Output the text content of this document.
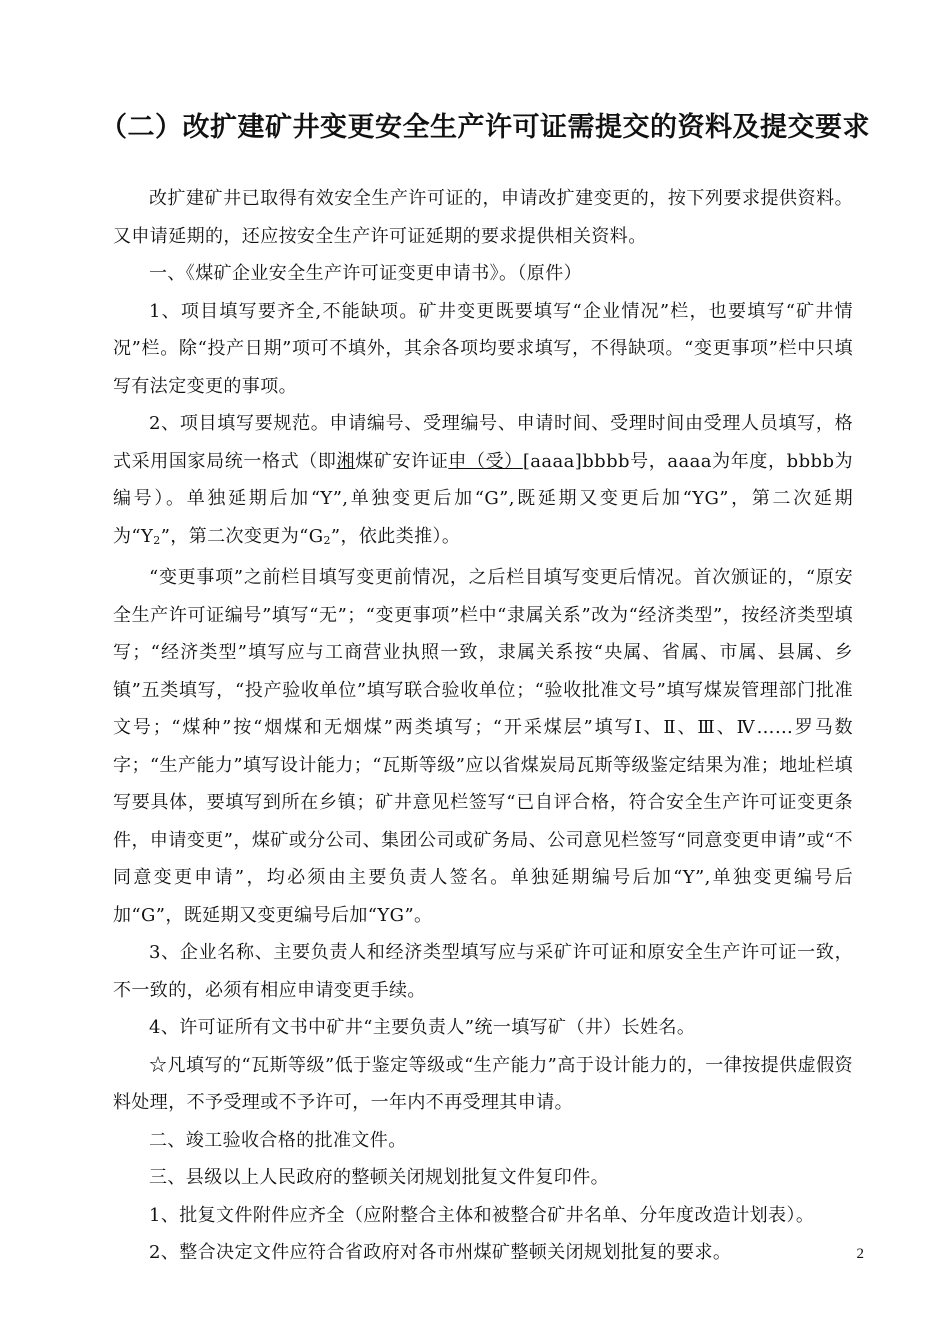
（二）改扩建矿井变更安全生产许可证需提交的资料及提交要求

改扩建矿井已取得有效安全生产许可证的，申请改扩建变更的，按下列要求提供资料。又申请延期的，还应按安全生产许可证延期的要求提供相关资料。

一、《煤矿企业安全生产许可证变更申请书》。（原件）

1、项目填写要齐全,不能缺项。矿井变更既要填写“企业情况”栏，也要填写“矿井情况”栏。除“投产日期”项可不填外，其余各项均要求填写，不得缺项。“变更事项”栏中只填写有法定变更的事项。

2、项目填写要规范。申请编号、受理编号、申请时间、受理时间由受理人员填写，格式采用国家局统一格式（即湘煤矿安许证申（受）[aaaa]bbbb号，aaaa为年度，bbbb为编号）。单独延期后加“Y”,单独变更后加“G”,既延期又变更后加“YG”，第二次延期为“$Y_2$”，第二次变更为“$G_2$”，依此类推）。

“变更事项”之前栏目填写变更前情况，之后栏目填写变更后情况。首次颁证的，“原安全生产许可证编号”填写“无”；“变更事项”栏中“隶属关系”改为“经济类型”，按经济类型填写；“经济类型”填写应与工商营业执照一致，隶属关系按“央属、省属、市属、县属、乡镇”五类填写，“投产验收单位”填写联合验收单位；“验收批准文号”填写煤炭管理部门批准文号；“煤种”按“烟煤和无烟煤”两类填写；“开采煤层”填写Ⅰ、Ⅱ、Ⅲ、Ⅳ……罗马数字；“生产能力”填写设计能力；“瓦斯等级”应以省煤炭局瓦斯等级鉴定结果为准；地址栏填写要具体，要填写到所在乡镇；矿井意见栏签写“已自评合格，符合安全生产许可证变更条件，申请变更”，煤矿或分公司、集团公司或矿务局、公司意见栏签写“同意变更申请”或“不同意变更申请”，均必须由主要负责人签名。单独延期编号后加“Y”,单独变更编号后加“G”，既延期又变更编号后加“YG”。

3、企业名称、主要负责人和经济类型填写应与采矿许可证和原安全生产许可证一致，不一致的，必须有相应申请变更手续。

4、许可证所有文书中矿井“主要负责人”统一填写矿（井）长姓名。

☆凡填写的“瓦斯等级”低于鉴定等级或“生产能力”高于设计能力的，一律按提供虚假资料处理，不予受理或不予许可，一年内不再受理其申请。

二、竣工验收合格的批准文件。

三、县级以上人民政府的整顿关闭规划批复文件复印件。

1、批复文件附件应齐全（应附整合主体和被整合矿井名单、分年度改造计划表）。

2、整合决定文件应符合省政府对各市州煤矿整顿关闭规划批复的要求。	2
